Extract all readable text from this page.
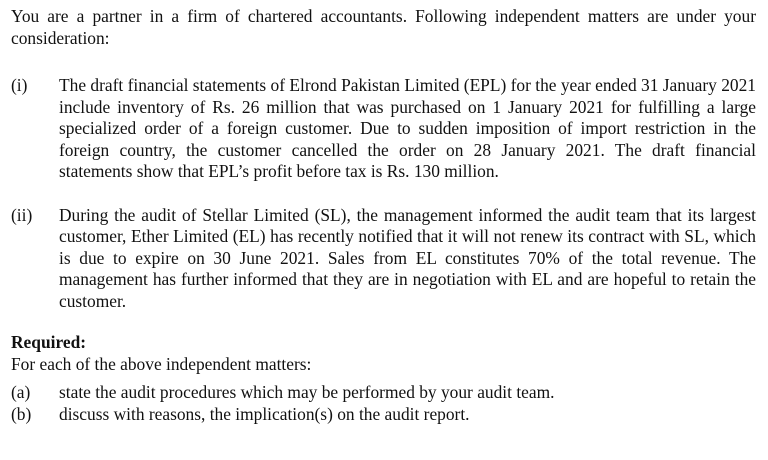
You are a partner in a firm of chartered accountants. Following independent matters are under your consideration:

(i)	The draft financial statements of Elrond Pakistan Limited (EPL) for the year ended 31 January 2021 include inventory of Rs. 26 million that was purchased on 1 January 2021 for fulfilling a large specialized order of a foreign customer. Due to sudden imposition of import restriction in the foreign country, the customer cancelled the order on 28 January 2021. The draft financial statements show that EPL’s profit before tax is Rs. 130 million.

(ii)	During the audit of Stellar Limited (SL), the management informed the audit team that its largest customer, Ether Limited (EL) has recently notified that it will not renew its contract with SL, which is due to expire on 30 June 2021. Sales from EL constitutes 70% of the total revenue. The management has further informed that they are in negotiation with EL and are hopeful to retain the customer.

Required:

For each of the above independent matters:

(a)	state the audit procedures which may be performed by your audit team.

(b)	discuss with reasons, the implication(s) on the audit report.
